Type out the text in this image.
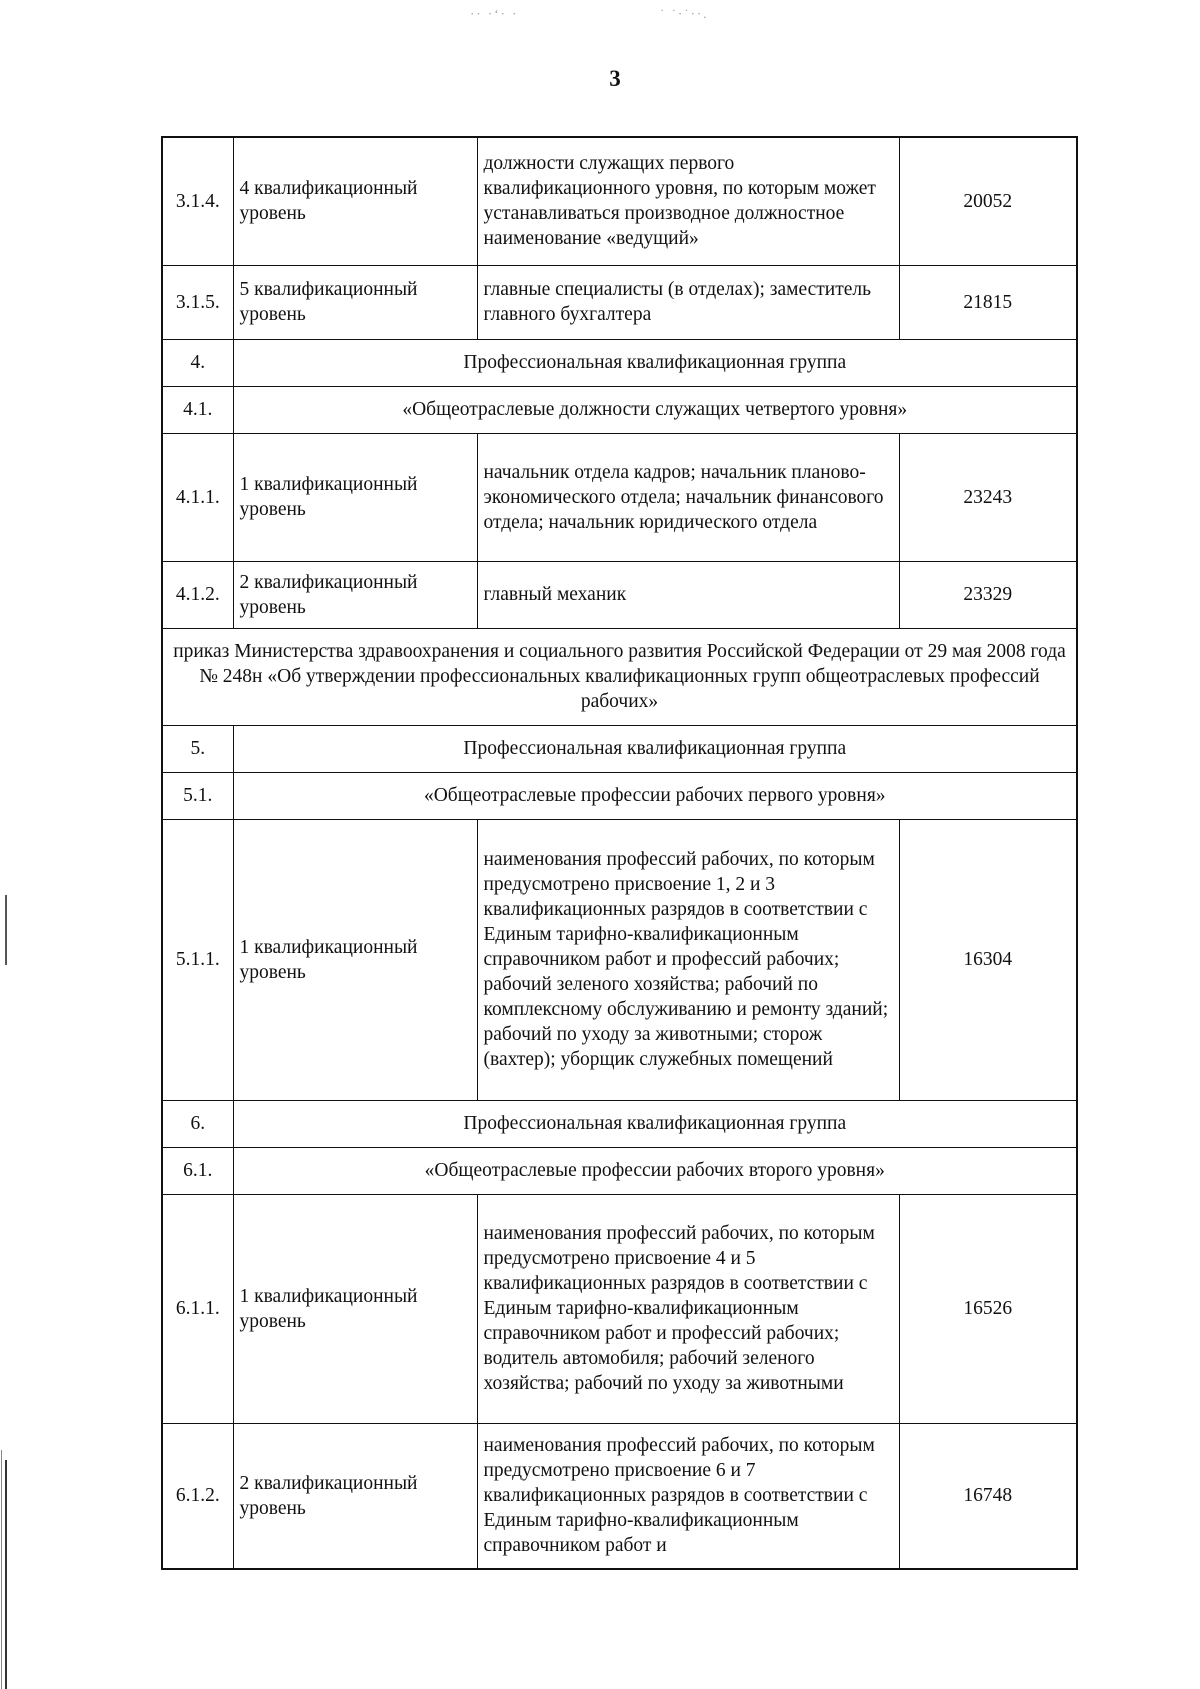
·· ·ʻ· ·	˙ ˙·˙··.
3
3.1.4.	4 квалификационный уровень	должности служащих первого квалификационного уровня, по которым может устанавливаться производное должностное наименование «ведущий»	20052
3.1.5.	5 квалификационный уровень	главные специалисты (в отделах); заместитель главного бухгалтера	21815
4.	Профессиональная квалификационная группа		
4.1.	«Общеотраслевые должности служащих четвертого уровня»		
4.1.1.	1 квалификационный уровень	начальник отдела кадров; начальник планово-экономического отдела; начальник финансового отдела; начальник юридического отдела	23243
4.1.2.	2 квалификационный уровень	главный механик	23329
приказ Министерства здравоохранения и социального развития Российской Федерации от 29 мая 2008 года № 248н «Об утверждении профессиональных квалификационных групп общеотраслевых профессий рабочих»			
5.	Профессиональная квалификационная группа		
5.1.	«Общеотраслевые профессии рабочих первого уровня»		
5.1.1.	1 квалификационный уровень	наименования профессий рабочих, по которым предусмотрено присвоение 1, 2 и 3 квалификационных разрядов в соответствии с Единым тарифно-квалификационным справочником работ и профессий рабочих; рабочий зеленого хозяйства; рабочий по комплексному обслуживанию и ремонту зданий; рабочий по уходу за животными; сторож (вахтер); уборщик служебных помещений	16304
6.	Профессиональная квалификационная группа		
6.1.	«Общеотраслевые профессии рабочих второго уровня»		
6.1.1.	1 квалификационный уровень	наименования профессий рабочих, по которым предусмотрено присвоение 4 и 5 квалификационных разрядов в соответствии с Единым тарифно-квалификационным справочником работ и профессий рабочих; водитель автомобиля; рабочий зеленого хозяйства; рабочий по уходу за животными	16526
6.1.2.	2 квалификационный уровень	наименования профессий рабочих, по которым предусмотрено присвоение 6 и 7 квалификационных разрядов в соответствии с Единым тарифно-квалификационным справочником работ и	16748
